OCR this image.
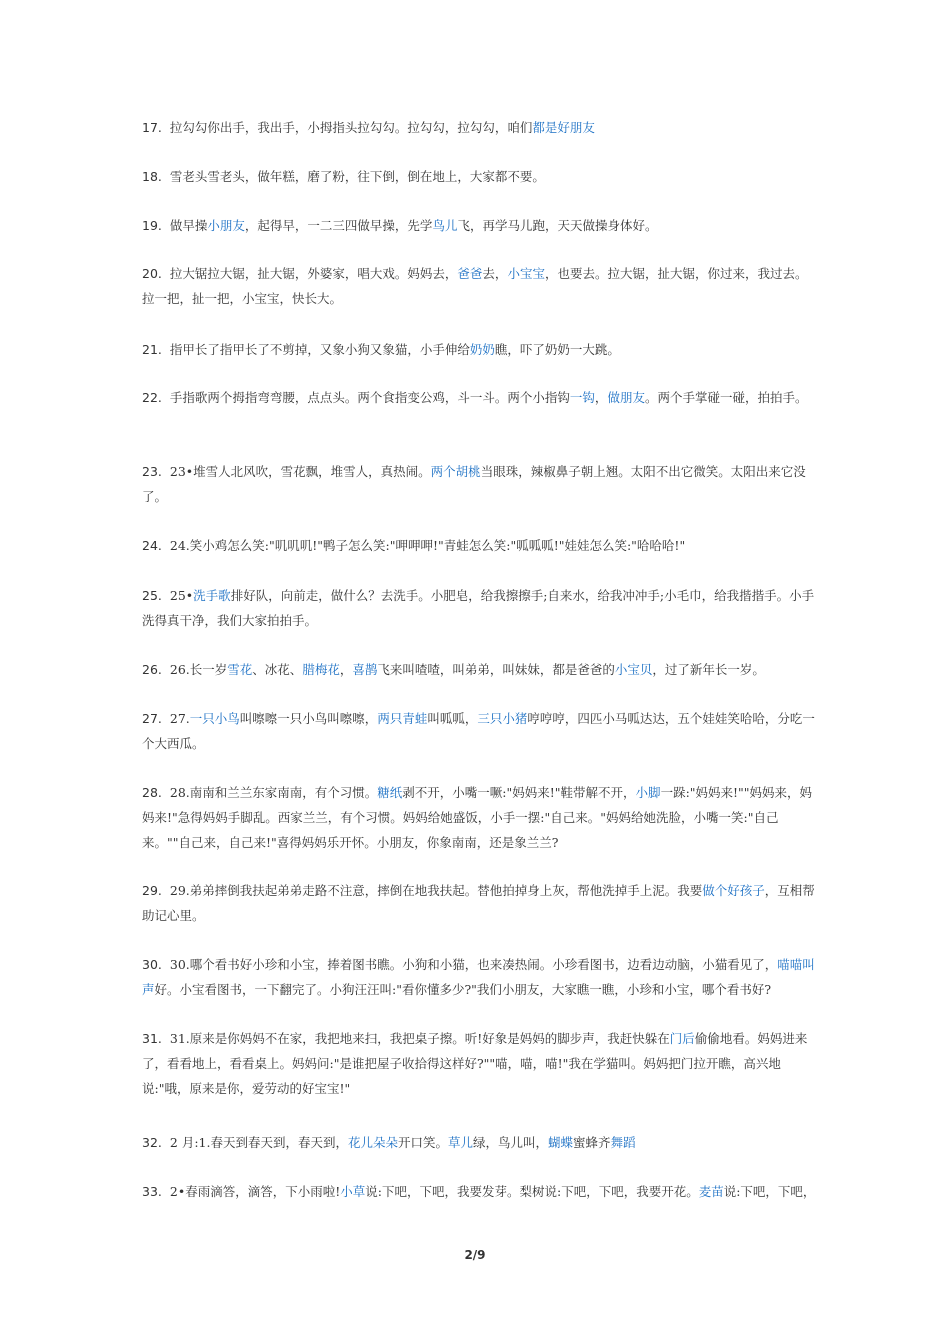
17. 拉勾勾你出手，我出手，小拇指头拉勾勾。拉勾勾，拉勾勾，咱们都是好朋友
18. 雪老头雪老头，做年糕，磨了粉，往下倒，倒在地上，大家都不要。
19. 做早操小朋友，起得早，一二三四做早操，先学鸟儿飞，再学马儿跑，天天做操身体好。
20. 拉大锯拉大锯，扯大锯，外婆家，唱大戏。妈妈去，爸爸去，小宝宝，也要去。拉大锯，扯大锯，你过来，我过去。拉一把，扯一把，小宝宝，快长大。
21. 指甲长了指甲长了不剪掉，又象小狗又象猫，小手伸给奶奶瞧，吓了奶奶一大跳。
22. 手指歌两个拇指弯弯腰，点点头。两个食指变公鸡，斗一斗。两个小指钩一钩，做朋友。两个手掌碰一碰，拍拍手。
23. 23•堆雪人北风吹，雪花飘，堆雪人，真热闹。两个胡桃当眼珠，辣椒鼻子朝上翘。太阳不出它微笑。太阳出来它没了。
24. 24.笑小鸡怎么笑:"叽叽叽!"鸭子怎么笑:"呷呷呷!"青蛙怎么笑:"呱呱呱!"娃娃怎么笑:"哈哈哈!"
25. 25•洗手歌排好队，向前走，做什么？去洗手。小肥皂，给我擦擦手;自来水，给我冲冲手;小毛巾，给我揩揩手。小手洗得真干净，我们大家拍拍手。
26. 26.长一岁雪花、冰花、腊梅花，喜鹊飞来叫喳喳，叫弟弟，叫妹妹，都是爸爸的小宝贝，过了新年长一岁。
27. 27.一只小鸟叫嚓嚓一只小鸟叫嚓嚓，两只青蛙叫呱呱，三只小猪哼哼哼，四匹小马呱达达，五个娃娃笑哈哈，分吃一个大西瓜。
28. 28.南南和兰兰东家南南，有个习惯。糖纸剥不开，小嘴一噘:"妈妈来!"鞋带解不开，小脚一跺:"妈妈来!""妈妈来，妈妈来!"急得妈妈手脚乱。西家兰兰，有个习惯。妈妈给她盛饭，小手一摆:"自己来。"妈妈给她洗脸，小嘴一笑:"自己来。""自己来，自己来!"喜得妈妈乐开怀。小朋友，你象南南，还是象兰兰?
29. 29.弟弟摔倒我扶起弟弟走路不注意，摔倒在地我扶起。替他拍掉身上灰，帮他洗掉手上泥。我要做个好孩子，互相帮助记心里。
30. 30.哪个看书好小珍和小宝，捧着图书瞧。小狗和小猫，也来凑热闹。小珍看图书，边看边动脑，小猫看见了，喵喵叫声好。小宝看图书，一下翻完了。小狗汪汪叫:"看你懂多少?"我们小朋友，大家瞧一瞧，小珍和小宝，哪个看书好?
31. 31.原来是你妈妈不在家，我把地来扫，我把桌子擦。听!好象是妈妈的脚步声，我赶快躲在门后偷偷地看。妈妈进来了，看看地上，看看桌上。妈妈问:"是谁把屋子收拾得这样好?""喵，喵，喵!"我在学猫叫。妈妈把门拉开瞧，高兴地说:"哦，原来是你，爱劳动的好宝宝!"
32. 2 月:1.春天到春天到，春天到，花儿朵朵开口笑。草儿绿，鸟儿叫，蝴蝶蜜蜂齐舞蹈
33. 2•春雨滴答，滴答，下小雨啦!小草说:下吧，下吧，我要发芽。梨树说:下吧，下吧，我要开花。麦苗说:下吧，下吧，
2/9
